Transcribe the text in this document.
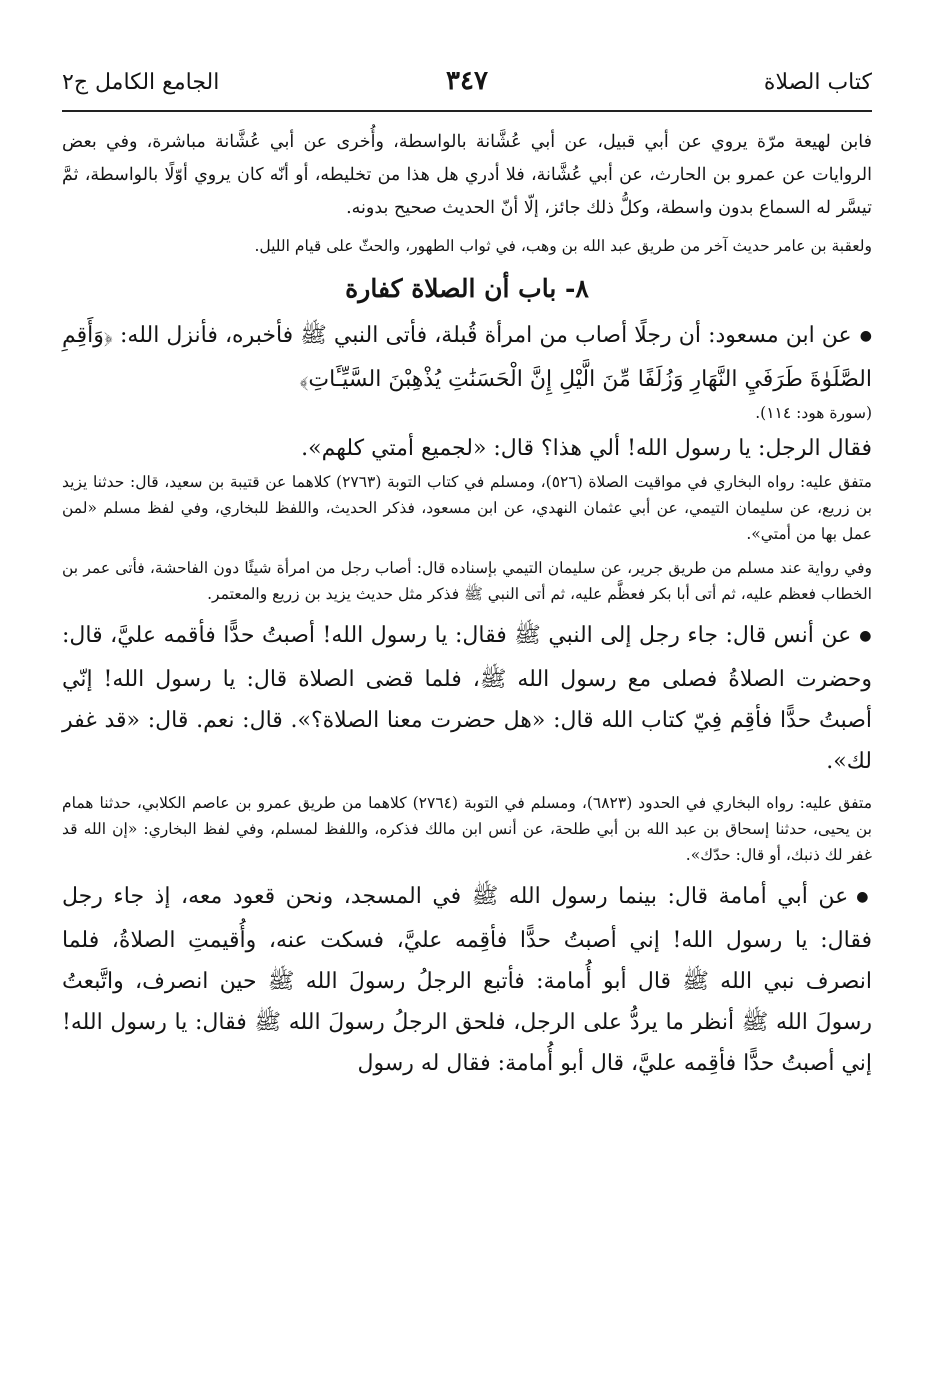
كتاب الصلاة
٣٤٧
الجامع الكامل ج٢

فابن لهيعة مرّة يروي عن أبي قبيل، عن أبي عُشَّانة بالواسطة، وأُخرى عن أبي عُشَّانة مباشرة، وفي بعض الروايات عن عمرو بن الحارث، عن أبي عُشَّانة، فلا أدري هل هذا من تخليطه، أو أنّه كان يروي أوّلًا بالواسطة، ثمَّ تيسَّر له السماع بدون واسطة، وكلُّ ذلك جائز، إلّا أنّ الحديث صحيح بدونه.

ولعقبة بن عامر حديث آخر من طريق عبد الله بن وهب، في ثواب الطهور، والحثّ على قيام الليل.

٨- باب أن الصلاة كفارة

● عن ابن مسعود: أن رجلًا أصاب من امرأة قُبلة، فأتى النبي ﷺ فأخبره، فأنزل الله: ﴿وَأَقِمِ الصَّلَوٰةَ طَرَفَيِ النَّهَارِ وَزُلَفًا مِّنَ الَّيْلِ إِنَّ الْحَسَنَٰتِ يُذْهِبْنَ السَّيِّـَٔاتِ﴾

(سورة هود: ١١٤).

فقال الرجل: يا رسول الله! ألي هذا؟ قال: «لجميع أمتي كلهم».

متفق عليه: رواه البخاري في مواقيت الصلاة (٥٢٦)، ومسلم في كتاب التوبة (٢٧٦٣) كلاهما عن قتيبة بن سعيد، قال: حدثنا يزيد بن زريع، عن سليمان التيمي، عن أبي عثمان النهدي، عن ابن مسعود، فذكر الحديث، واللفظ للبخاري، وفي لفظ مسلم «لمن عمل بها من أمتي».

وفي رواية عند مسلم من طريق جرير، عن سليمان التيمي بإسناده قال: أصاب رجل من امرأة شيئًا دون الفاحشة، فأتى عمر بن الخطاب فعظم عليه، ثم أتى أبا بكر فعظَّم عليه، ثم أتى النبي ﷺ فذكر مثل حديث يزيد بن زريع والمعتمر.

● عن أنس قال: جاء رجل إلى النبي ﷺ فقال: يا رسول الله! أصبتُ حدًّا فأقمه عليَّ، قال: وحضرت الصلاةُ فصلى مع رسول الله ﷺ، فلما قضى الصلاة قال: يا رسول الله! إنّي أصبتُ حدًّا فأقِم فِيّ كتاب الله قال: «هل حضرت معنا الصلاة؟». قال: نعم. قال: «قد غفر لك».

متفق عليه: رواه البخاري في الحدود (٦٨٢٣)، ومسلم في التوبة (٢٧٦٤) كلاهما من طريق عمرو بن عاصم الكلابي، حدثنا همام بن يحيى، حدثنا إسحاق بن عبد الله بن أبي طلحة، عن أنس ابن مالك فذكره، واللفظ لمسلم، وفي لفظ البخاري: «إن الله قد غفر لك ذنبك، أو قال: حدّك».

● عن أبي أمامة قال: بينما رسول الله ﷺ في المسجد، ونحن قعود معه، إذ جاء رجل فقال: يا رسول الله! إني أصبتُ حدًّا فأقِمه عليَّ، فسكت عنه، وأُقيمتِ الصلاةُ، فلما انصرف نبي الله ﷺ قال أبو أُمامة: فأتبع الرجلُ رسولَ الله ﷺ حين انصرف، واتَّبعتُ رسولَ الله ﷺ أنظر ما يردُّ على الرجل، فلحق الرجلُ رسولَ الله ﷺ فقال: يا رسول الله! إني أصبتُ حدًّا فأقِمه عليَّ، قال أبو أُمامة: فقال له رسول
